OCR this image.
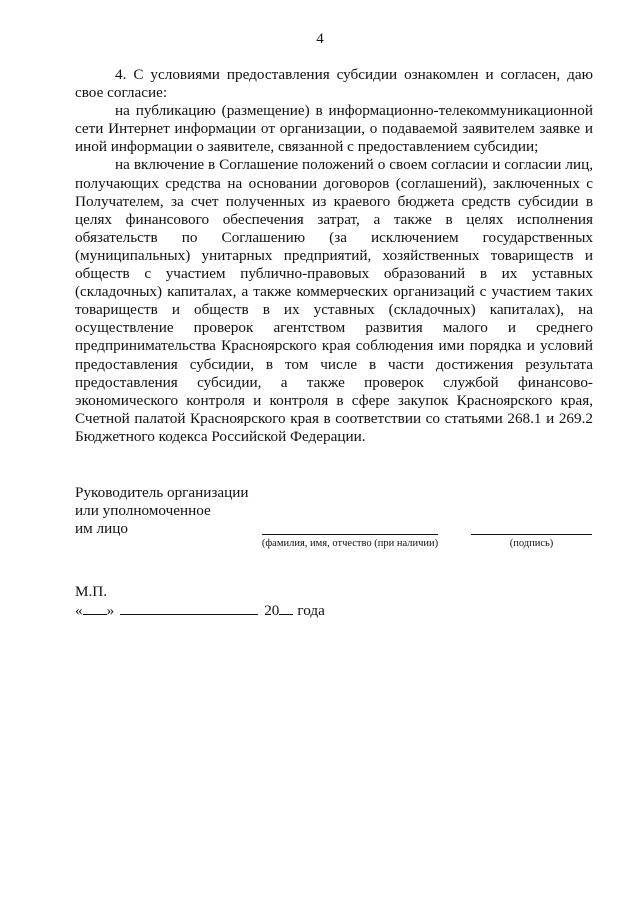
4

4. С условиями предоставления субсидии ознакомлен и согласен, даю свое согласие:

на публикацию (размещение) в информационно-телекоммуникационной сети Интернет информации от организации, о подаваемой заявителем заявке и иной информации о заявителе, связанной с предоставлением субсидии;

на включение в Соглашение положений о своем согласии и согласии лиц, получающих средства на основании договоров (соглашений), заключенных с Получателем, за счет полученных из краевого бюджета средств субсидии в целях финансового обеспечения затрат, а также в целях исполнения обязательств по Соглашению (за исключением государственных (муниципальных) унитарных предприятий, хозяйственных товариществ и обществ с участием публично-правовых образований в их уставных (складочных) капиталах, а также коммерческих организаций с участием таких товариществ и обществ в их уставных (складочных) капиталах), на осуществление проверок агентством развития малого и среднего предпринимательства Красноярского края соблюдения ими порядка и условий предоставления субсидии, в том числе в части достижения результата предоставления субсидии, а также проверок службой финансово-экономического контроля и контроля в сфере закупок Красноярского края, Счетной палатой Красноярского края в соответствии со статьями 268.1 и 269.2 Бюджетного кодекса Российской Федерации.

Руководитель организации
или уполномоченное
им лицо
(фамилия, имя, отчество (при наличии)	(подпись)
М.П.
« »	20 года
